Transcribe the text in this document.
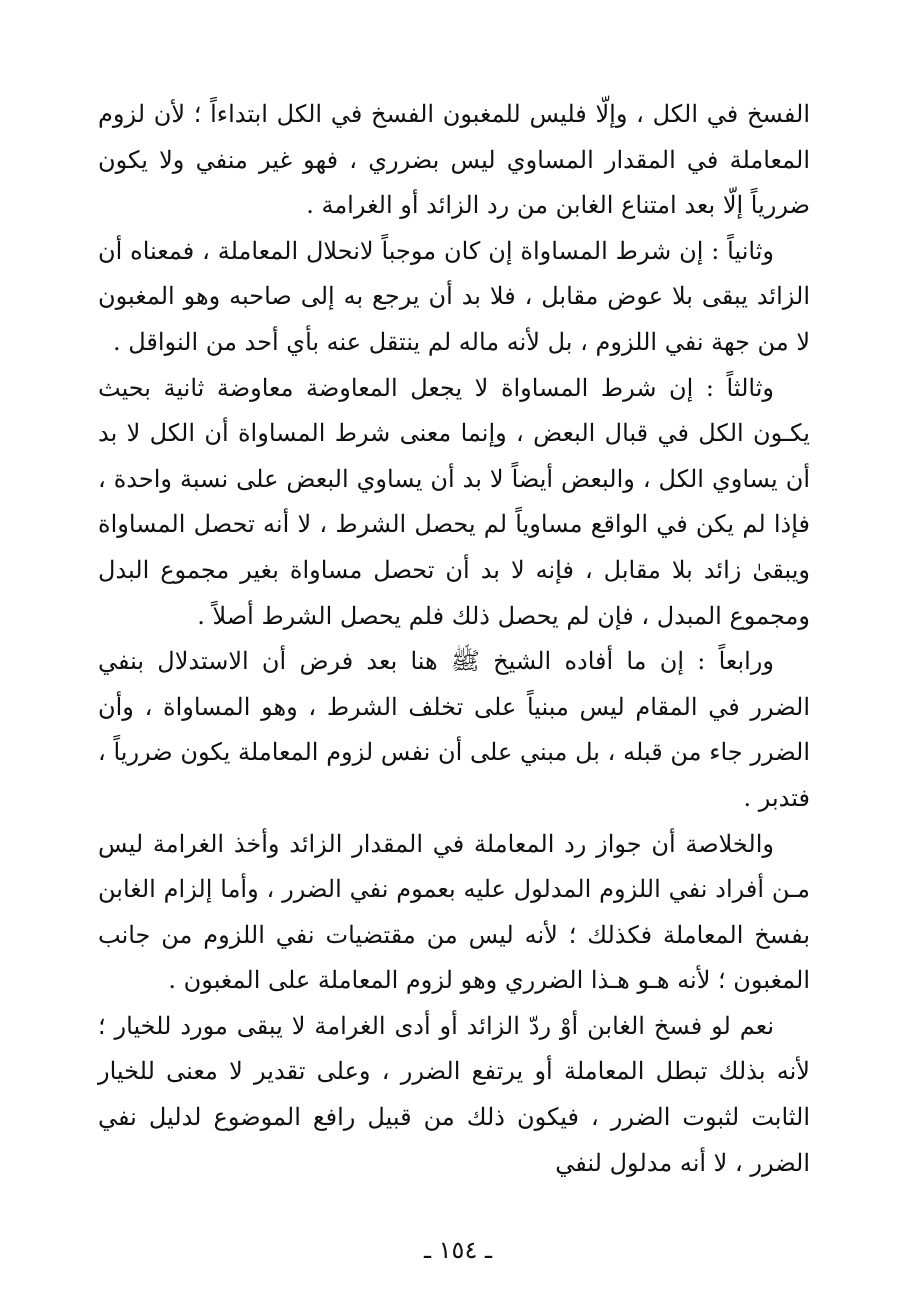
الفسخ في الكل ، وإلّا فليس للمغبون الفسخ في الكل ابتداءاً ؛ لأن لزوم المعاملة في المقدار المساوي ليس بضرري ، فهو غير منفي ولا يكون ضررياً إلّا بعد امتناع الغابن من رد الزائد أو الغرامة .

وثانياً : إن شرط المساواة إن كان موجباً لانحلال المعاملة ، فمعناه أن الزائد يبقى بلا عوض مقابل ، فلا بد أن يرجع به إلى صاحبه وهو المغبون لا من جهة نفي اللزوم ، بل لأنه ماله لم ينتقل عنه بأي أحد من النواقل .

وثالثاً : إن شرط المساواة لا يجعل المعاوضة معاوضة ثانية بحيث يكـون الكل في قبال البعض ، وإنما معنى شرط المساواة أن الكل لا بد أن يساوي الكل ، والبعض أيضاً لا بد أن يساوي البعض على نسبة واحدة ، فإذا لم يكن في الواقع مساوياً لم يحصل الشرط ، لا أنه تحصل المساواة ويبقىٰ زائد بلا مقابل ، فإنه لا بد أن تحصل مساواة بغير مجموع البدل ومجموع المبدل ، فإن لم يحصل ذلك فلم يحصل الشرط أصلاً .

ورابعاً : إن ما أفاده الشيخ ﷺ هنا بعد فرض أن الاستدلال بنفي الضرر في المقام ليس مبنياً على تخلف الشرط ، وهو المساواة ، وأن الضرر جاء من قبله ، بل مبني على أن نفس لزوم المعاملة يكون ضررياً ، فتدبر .

والخلاصة أن جواز رد المعاملة في المقدار الزائد وأخذ الغرامة ليس مـن أفراد نفي اللزوم المدلول عليه بعموم نفي الضرر ، وأما إلزام الغابن بفسخ المعاملة فكذلك ؛ لأنه ليس من مقتضيات نفي اللزوم من جانب المغبون ؛ لأنه هـو هـذا الضرري وهو لزوم المعاملة على المغبون .

نعم لو فسخ الغابن أوْ ردّ الزائد أو أدى الغرامة لا يبقى مورد للخيار ؛ لأنه بذلك تبطل المعاملة أو يرتفع الضرر ، وعلى تقدير لا معنى للخيار الثابت لثبوت الضرر ، فيكون ذلك من قبيل رافع الموضوع لدليل نفي الضرر ، لا أنه مدلول لنفي

ـ ١٥٤ ـ
